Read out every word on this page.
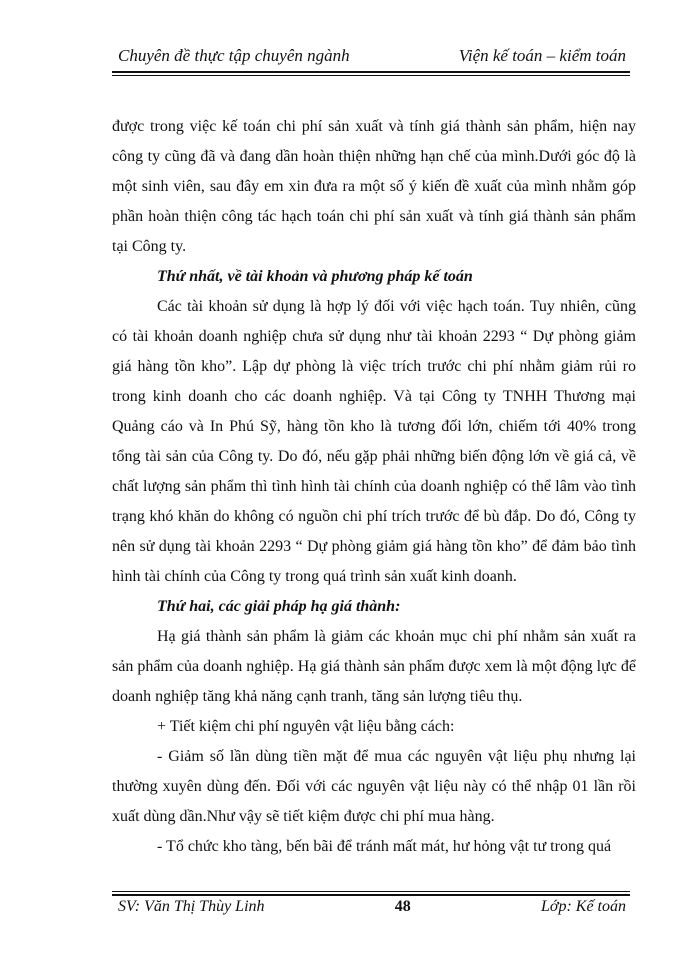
Chuyên đề thực tập chuyên ngành	Viện kế toán – kiểm toán

được trong việc kế toán chi phí sản xuất và tính giá thành sản phẩm, hiện nay công ty cũng đã và đang dần hoàn thiện những hạn chế của mình.Dưới góc độ là một sinh viên, sau đây em xin đưa ra một số ý kiến đề xuất của mình nhằm góp phần hoàn thiện công tác hạch toán chi phí sản xuất và tính giá thành sản phẩm tại Công ty.

Thứ nhất, về tài khoản và phương pháp kế toán

Các tài khoản sử dụng là hợp lý đối với việc hạch toán. Tuy nhiên, cũng có tài khoản doanh nghiệp chưa sử dụng như tài khoản 2293 “ Dự phòng giảm giá hàng tồn kho”. Lập dự phòng là việc trích trước chi phí nhằm giảm rủi ro trong kinh doanh cho các doanh nghiệp. Và tại Công ty TNHH Thương mại Quảng cáo và In Phú Sỹ, hàng tồn kho là tương đối lớn, chiếm tới 40% trong tổng tài sản của Công ty. Do đó, nếu gặp phải những biến động lớn về giá cả, về chất lượng sản phẩm thì tình hình tài chính của doanh nghiệp có thể lâm vào tình trạng khó khăn do không có nguồn chi phí trích trước để bù đắp. Do đó, Công ty nên sử dụng tài khoản 2293 “ Dự phòng giảm giá hàng tồn kho” để đảm bảo tình hình tài chính của Công ty trong quá trình sản xuất kinh doanh.

Thứ hai, các giải pháp hạ giá thành:

Hạ giá thành sản phẩm là giảm các khoản mục chi phí nhằm sản xuất ra sản phẩm của doanh nghiệp. Hạ giá thành sản phẩm được xem là một động lực để doanh nghiệp tăng khả năng cạnh tranh, tăng sản lượng tiêu thụ.

+ Tiết kiệm chi phí nguyên vật liệu bằng cách:

- Giảm số lần dùng tiền mặt để mua các nguyên vật liệu phụ nhưng lại thường xuyên dùng đến. Đối với các nguyên vật liệu này có thể nhập 01 lần rồi xuất dùng dần.Như vậy sẽ tiết kiệm được chi phí mua hàng.

- Tổ chức kho tàng, bến bãi để tránh mất mát, hư hỏng vật tư trong quá

SV: Văn Thị Thùy Linh	48	Lớp: Kế toán
